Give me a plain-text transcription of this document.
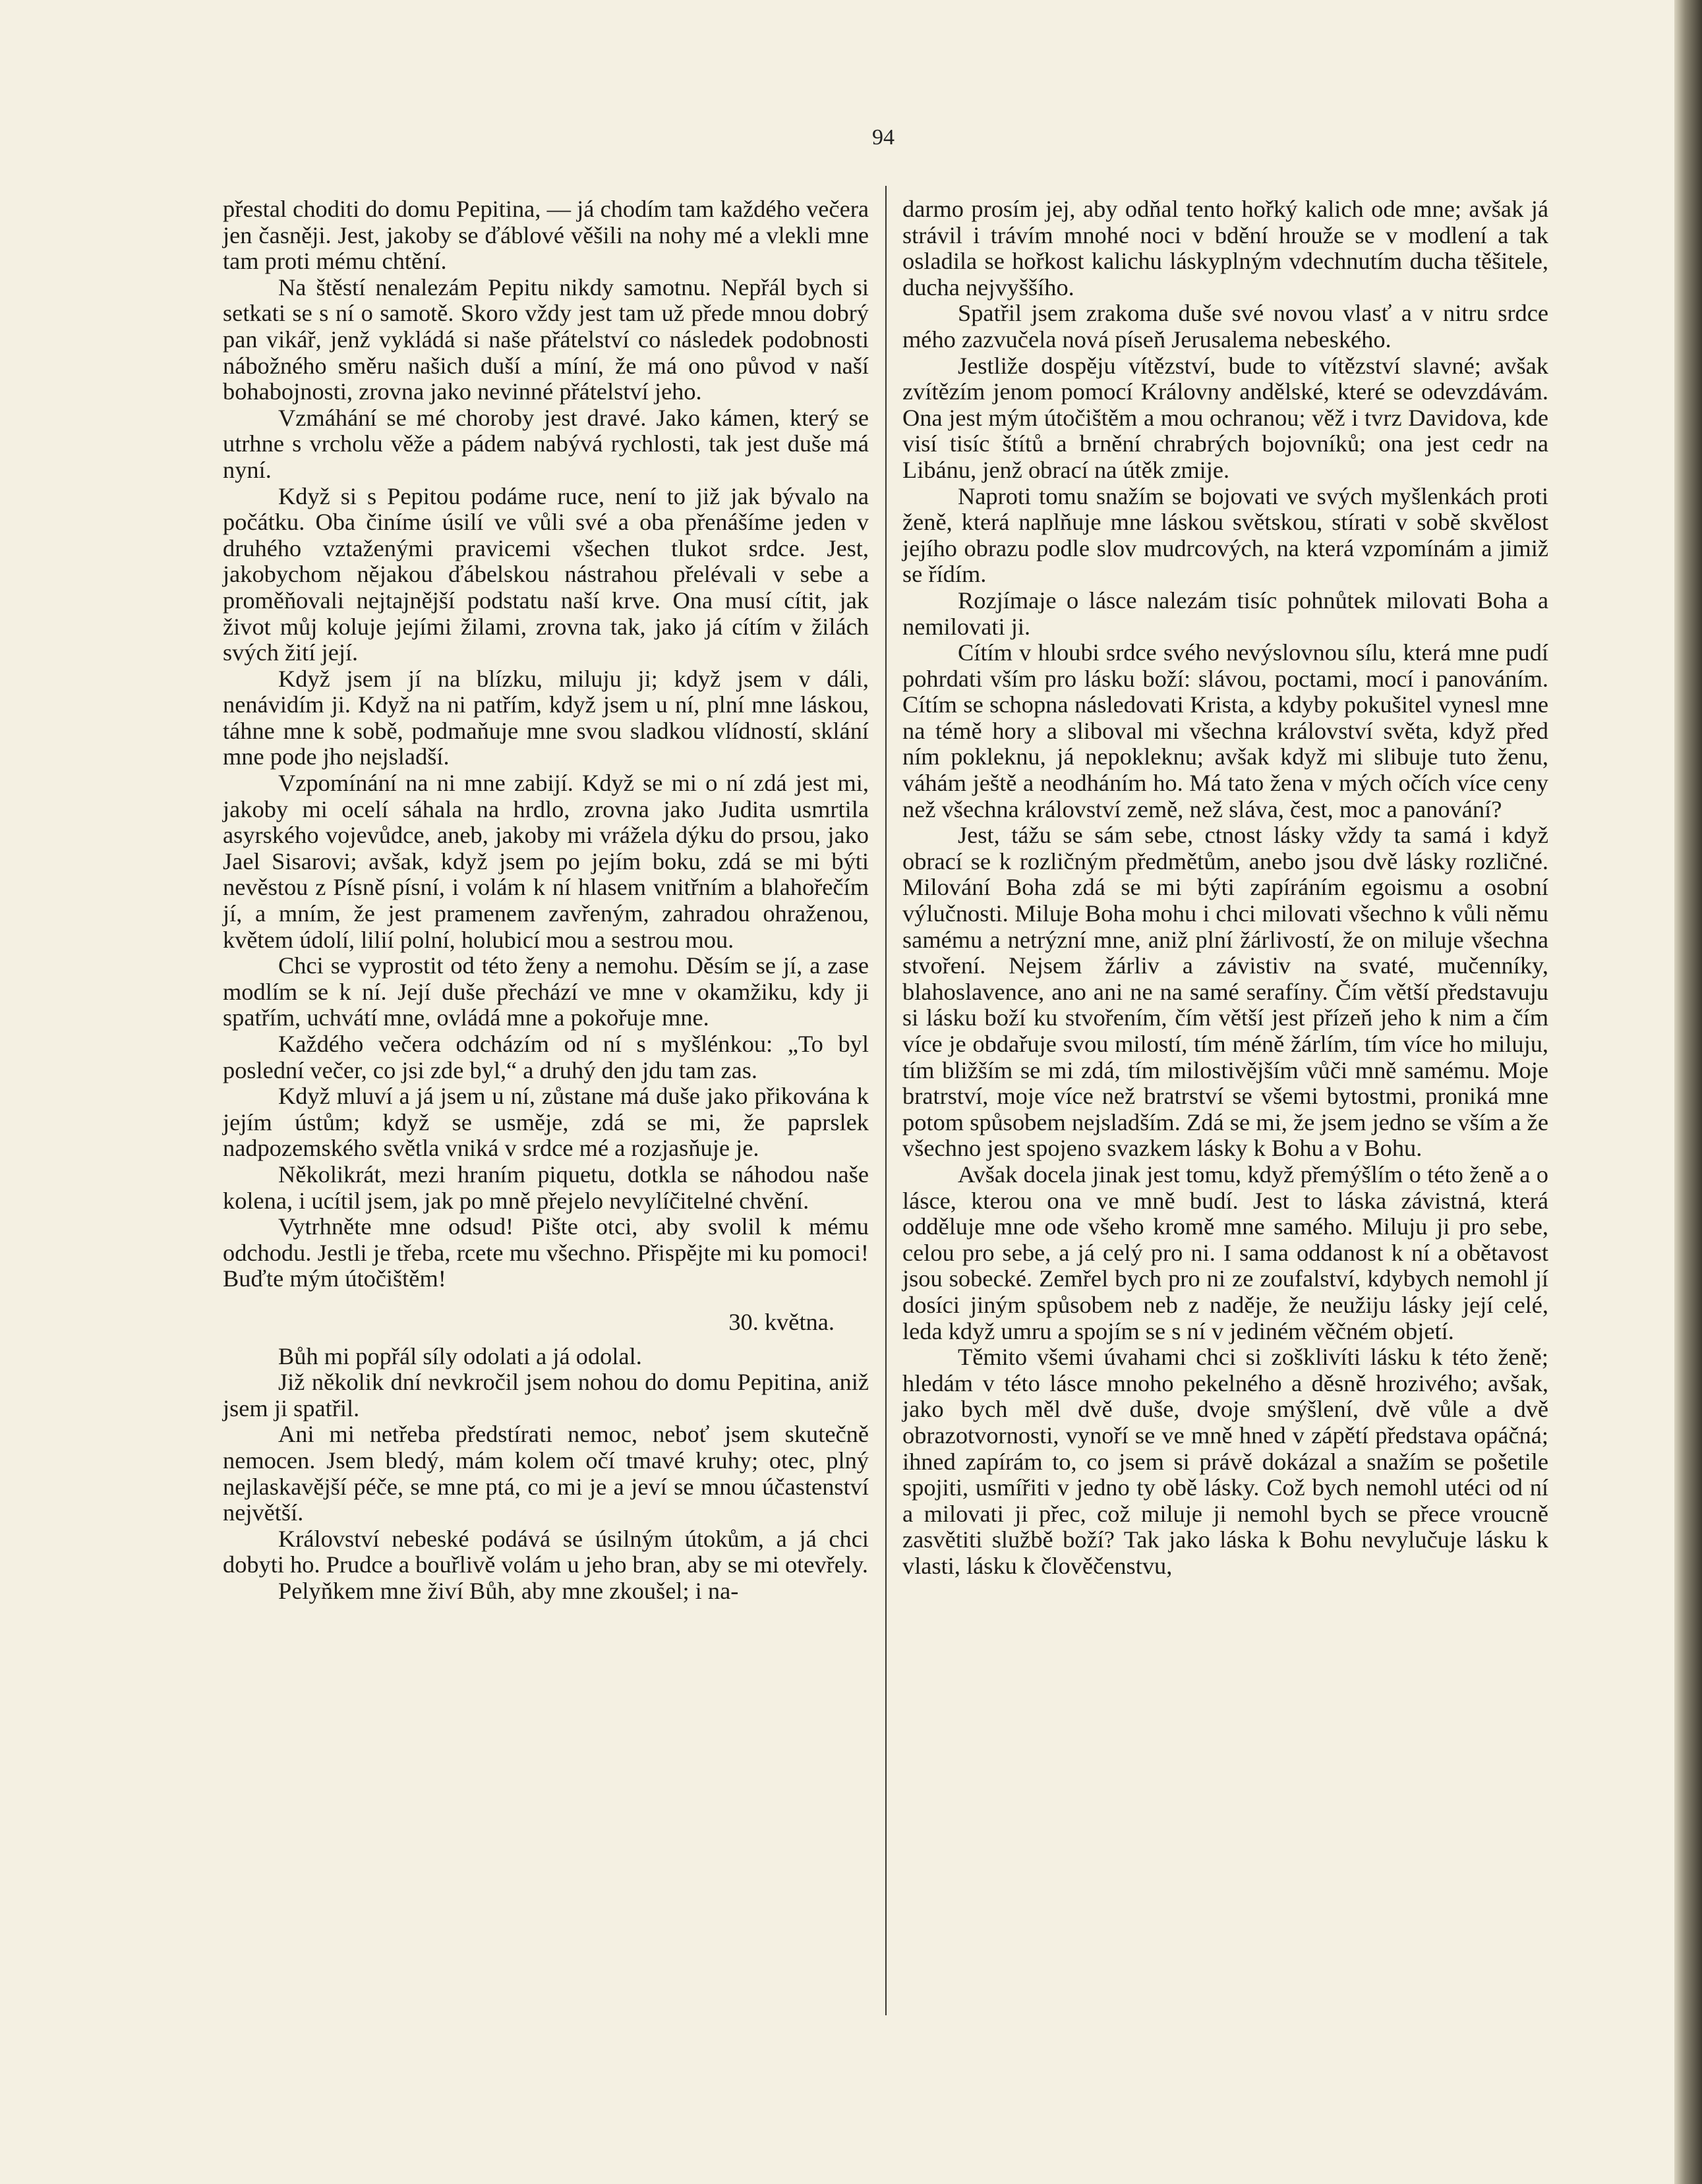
94

přestal choditi do domu Pepitina, — já chodím tam každého večera jen časněji. Jest, jakoby se ďáblové věšili na nohy mé a vlekli mne tam proti mému chtění.

Na štěstí nenalezám Pepitu nikdy samotnu. Nepřál bych si setkati se s ní o samotě. Skoro vždy jest tam už přede mnou dobrý pan vikář, jenž vykládá si naše přátelství co následek podobnosti nábožného směru našich duší a míní, že má ono původ v naší bohabojnosti, zrovna jako nevinné přátelství jeho.

Vzmáhání se mé choroby jest dravé. Jako kámen, který se utrhne s vrcholu věže a pádem nabývá rychlosti, tak jest duše má nyní.

Když si s Pepitou podáme ruce, není to již jak bývalo na počátku. Oba činíme úsilí ve vůli své a oba přenášíme jeden v druhého vztaženými pravicemi všechen tlukot srdce. Jest, jakobychom nějakou ďábelskou nástrahou přelévali v sebe a proměňovali nejtajnější podstatu naší krve. Ona musí cítit, jak život můj koluje jejími žilami, zrovna tak, jako já cítím v žilách svých žití její.

Když jsem jí na blízku, miluju ji; když jsem v dáli, nenávidím ji. Když na ni patřím, když jsem u ní, plní mne láskou, táhne mne k sobě, podmaňuje mne svou sladkou vlídností, sklání mne pode jho nejsladší.

Vzpomínání na ni mne zabijí. Když se mi o ní zdá jest mi, jakoby mi ocelí sáhala na hrdlo, zrovna jako Judita usmrtila asyrského vojevůdce, aneb, jakoby mi vrážela dýku do prsou, jako Jael Sisarovi; avšak, když jsem po jejím boku, zdá se mi býti nevěstou z Písně písní, i volám k ní hlasem vnitřním a blahořečím jí, a mním, že jest pramenem zavřeným, zahradou ohraženou, květem údolí, lilií polní, holubicí mou a sestrou mou.

Chci se vyprostit od této ženy a nemohu. Děsím se jí, a zase modlím se k ní. Její duše přechází ve mne v okamžiku, kdy ji spatřím, uchvátí mne, ovládá mne a pokořuje mne.

Každého večera odcházím od ní s myšlénkou: „To byl poslední večer, co jsi zde byl,“ a druhý den jdu tam zas.

Když mluví a já jsem u ní, zůstane má duše jako přikována k jejím ústům; když se usměje, zdá se mi, že paprslek nadpozemského světla vniká v srdce mé a rozjasňuje je.

Několikrát, mezi hraním piquetu, dotkla se náhodou naše kolena, i ucítil jsem, jak po mně přejelo nevylíčitelné chvění.

Vytrhněte mne odsud! Pište otci, aby svolil k mému odchodu. Jestli je třeba, rcete mu všechno. Přispějte mi ku pomoci! Buďte mým útočištěm!

30. května.

Bůh mi popřál síly odolati a já odolal.

Již několik dní nevkročil jsem nohou do domu Pepitina, aniž jsem ji spatřil.

Ani mi netřeba předstírati nemoc, neboť jsem skutečně nemocen. Jsem bledý, mám kolem očí tmavé kruhy; otec, plný nejlaskavější péče, se mne ptá, co mi je a jeví se mnou účastenství největší.

Království nebeské podává se úsilným útokům, a já chci dobyti ho. Prudce a bouřlivě volám u jeho bran, aby se mi otevřely.

Pelyňkem mne živí Bůh, aby mne zkoušel; i na-

darmo prosím jej, aby odňal tento hořký kalich ode mne; avšak já strávil i trávím mnohé noci v bdění hrouže se v modlení a tak osladila se hořkost kalichu láskyplným vdechnutím ducha těšitele, ducha nejvyššího.

Spatřil jsem zrakoma duše své novou vlasť a v nitru srdce mého zazvučela nová píseň Jerusalema nebeského.

Jestliže dospěju vítězství, bude to vítězství slavné; avšak zvítězím jenom pomocí Královny andělské, které se odevzdávám. Ona jest mým útočištěm a mou ochranou; věž i tvrz Davidova, kde visí tisíc štítů a brnění chrabrých bojovníků; ona jest cedr na Libánu, jenž obrací na útěk zmije.

Naproti tomu snažím se bojovati ve svých myšlenkách proti ženě, která naplňuje mne láskou světskou, stírati v sobě skvělost jejího obrazu podle slov mudrcových, na která vzpomínám a jimiž se řídím.

Rozjímaje o lásce nalezám tisíc pohnůtek milovati Boha a nemilovati ji.

Cítím v hloubi srdce svého nevýslovnou sílu, která mne pudí pohrdati vším pro lásku boží: slávou, poctami, mocí i panováním. Cítím se schopna následovati Krista, a kdyby pokušitel vynesl mne na témě hory a sliboval mi všechna království světa, když před ním pokleknu, já nepokleknu; avšak když mi slibuje tuto ženu, váhám ještě a neodháním ho. Má tato žena v mých očích více ceny než všechna království země, než sláva, čest, moc a panování?

Jest, tážu se sám sebe, ctnost lásky vždy ta samá i když obrací se k rozličným předmětům, anebo jsou dvě lásky rozličné. Milování Boha zdá se mi býti zapíráním egoismu a osobní výlučnosti. Miluje Boha mohu i chci milovati všechno k vůli němu samému a netrýzní mne, aniž plní žárlivostí, že on miluje všechna stvoření. Nejsem žárliv a závistiv na svaté, mučenníky, blahoslavence, ano ani ne na samé serafíny. Čím větší představuju si lásku boží ku stvořením, čím větší jest přízeň jeho k nim a čím více je obdařuje svou milostí, tím méně žárlím, tím více ho miluju, tím bližším se mi zdá, tím milostivějším vůči mně samému. Moje bratrství, moje více než bratrství se všemi bytostmi, proniká mne potom spůsobem nejsladším. Zdá se mi, že jsem jedno se vším a že všechno jest spojeno svazkem lásky k Bohu a v Bohu.

Avšak docela jinak jest tomu, když přemýšlím o této ženě a o lásce, kterou ona ve mně budí. Jest to láska závistná, která odděluje mne ode všeho kromě mne samého. Miluju ji pro sebe, celou pro sebe, a já celý pro ni. I sama oddanost k ní a obětavost jsou sobecké. Zemřel bych pro ni ze zoufalství, kdybych nemohl jí dosíci jiným spůsobem neb z naděje, že neužiju lásky její celé, leda když umru a spojím se s ní v jediném věčném objetí.

Těmito všemi úvahami chci si zošklivíti lásku k této ženě; hledám v této lásce mnoho pekelného a děsně hrozivého; avšak, jako bych měl dvě duše, dvoje smýšlení, dvě vůle a dvě obrazotvornosti, vynoří se ve mně hned v zápětí představa opáčná; ihned zapírám to, co jsem si právě dokázal a snažím se pošetile spojiti, usmířiti v jedno ty obě lásky. Což bych nemohl utéci od ní a milovati ji přec, což miluje ji nemohl bych se přece vroucně zasvětiti službě boží? Tak jako láska k Bohu nevylučuje lásku k vlasti, lásku k člověčenstvu,
